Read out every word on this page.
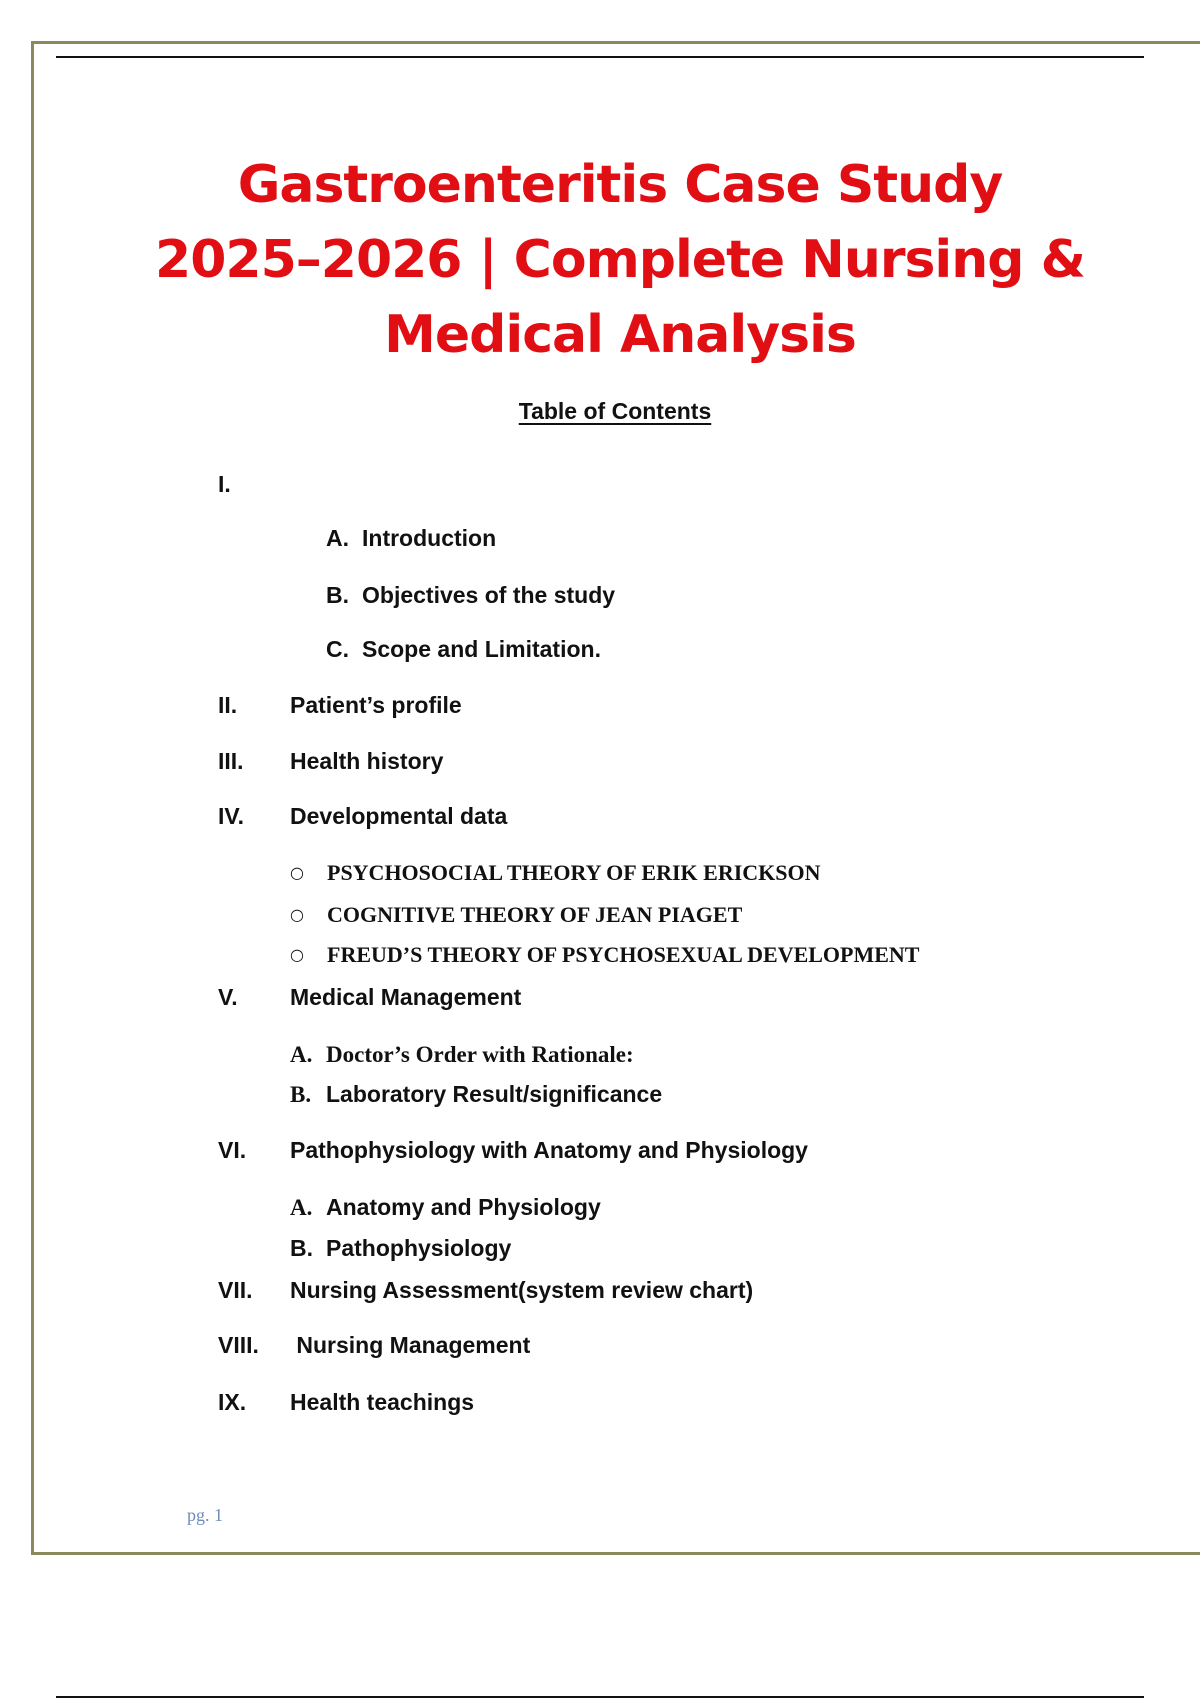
Gastroenteritis Case Study 2025–2026 | Complete Nursing & Medical Analysis
Table of Contents
I.
A. Introduction
B. Objectives of the study
C. Scope and Limitation.
II.	Patient’s profile
III.	Health history
IV.	Developmental data
○ PSYCHOSOCIAL THEORY OF ERIK ERICKSON
○ COGNITIVE THEORY OF JEAN PIAGET
○ FREUD’S THEORY OF PSYCHOSEXUAL DEVELOPMENT
V.	Medical Management
A. Doctor’s Order with Rationale:
B. Laboratory Result/significance
VI.	Pathophysiology with Anatomy and Physiology
A. Anatomy and Physiology
B. Pathophysiology
VII.	Nursing Assessment(system review chart)
VIII.	Nursing Management
IX.	Health teachings
pg. 1
